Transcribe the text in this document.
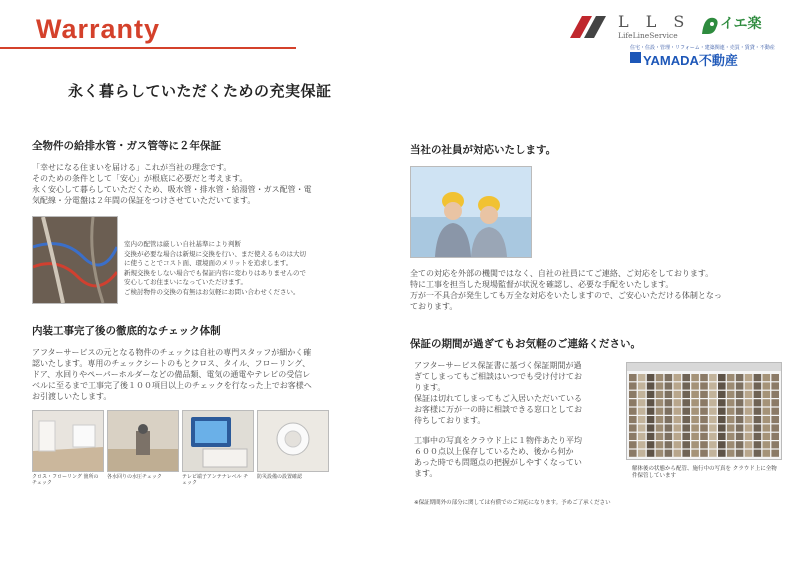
Warranty
永く暮らしていただくための充実保証
L L S
LifeLineService
イエ楽
住宅・住設・管理・リフォーム・建築関連・売買・賃貸・不動産
YAMADA不動産
全物件の給排水管・ガス管等に２年保証

「幸せになる住まいを届ける」これが当社の理念です。

そのための条件として「安心」が根底に必要だと考えます。

永く安心して暮らしていただくため、吸水管・排水管・給湯管・ガス配管・電

気配線・分電盤は２年間の保証をつけさせていただいてます。

室内の配管は厳しい自社基準により判断

交換が必要な場合は新規に交換を行い、まだ使えるものは大切

に使うことでコスト面、環境面のメリットを追求します。

新規交換をしない場合でも保証内容に変わりはありませんので

安心してお住まいになっていただけます。

ご検討物件の交換の有無はお気軽にお問い合わせください。

内装工事完了後の徹底的なチェック体制

アフターサービスの元となる物件のチェックは自社の専門スタッフが細かく確

認いたします。専用のチェックシートのもとクロス、タイル、フローリング、

ドア、水回りやペーパーホルダーなどの備品類、電気の通電やテレビの受信レ

ベルに至るまで工事完了後１００項目以上のチェックを行なった上でお客様へ

お引渡しいたします。

クロス・フローリング 箇所のチェック
各水回りの水圧チェック	テレビ端子アンテナレベル チェック
防災設備の設置確認
当社の社員が対応いたします。

全ての対応を外部の機関ではなく、自社の社員にてご連絡、ご対応をしております。

特に工事を担当した現場監督が状況を確認し、必要な手配をいたします。

万が一不具合が発生しても万全な対応をいたしますので、ご安心いただける体制となっ

ております。

保証の期間が過ぎてもお気軽のご連絡ください。

アフターサービス保証書に基づく保証期間が過

ぎてしまってもご相談はいつでも受け付けてお

ります。

保証は切れてしまってもご入居いただいている

お客様に万が一の時に相談できる窓口としてお

待ちしております。

工事中の写真をクラウド上に１物件あたり平均

６００点以上保存しているため、後から何か

あった時でも問題点の把握がしやすくなってい

ます。	解体後の状態から配管、施行中の写真を クラウド上に全物件保管しています
※保証期間外の部分に関しては有償でのご対応になります。予めご了承ください
